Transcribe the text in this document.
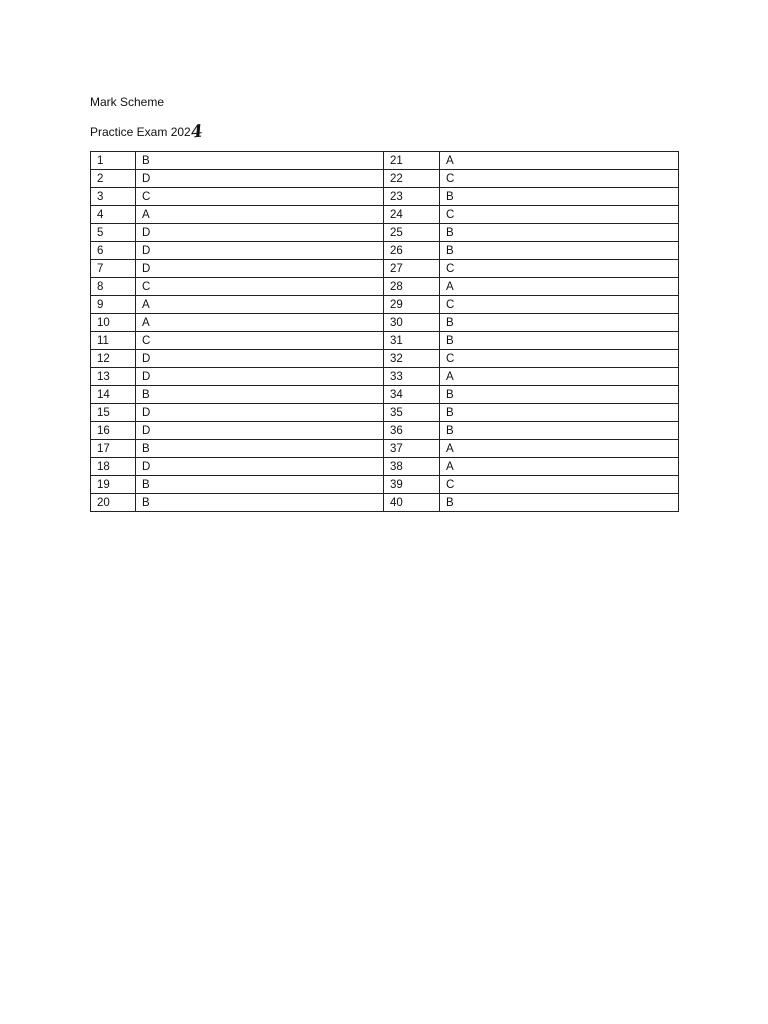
Mark Scheme
Practice Exam 2024
1	B	21	A
2	D	22	C
3	C	23	B
4	A	24	C
5	D	25	B
6	D	26	B
7	D	27	C
8	C	28	A
9	A	29	C
10	A	30	B
11	C	31	B
12	D	32	C
13	D	33	A
14	B	34	B
15	D	35	B
16	D	36	B
17	B	37	A
18	D	38	A
19	B	39	C
20	B	40	B
